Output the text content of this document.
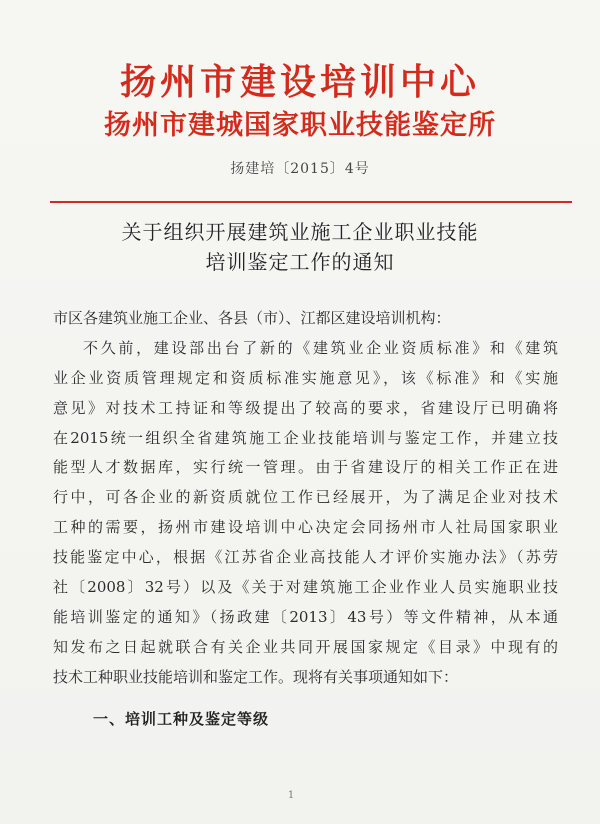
扬州市建设培训中心
扬州市建城国家职业技能鉴定所
扬建培〔2015〕4号
关于组织开展建筑业施工企业职业技能
培训鉴定工作的通知
市区各建筑业施工企业、各县（市）、江都区建设培训机构：
不久前，建设部出台了新的《建筑业企业资质标准》和《建筑
业企业资质管理规定和资质标准实施意见》，该《标准》和《实施
意见》对技术工持证和等级提出了较高的要求，省建设厅已明确将
在2015统一组织全省建筑施工企业技能培训与鉴定工作，并建立技
能型人才数据库，实行统一管理。由于省建设厅的相关工作正在进
行中，可各企业的新资质就位工作已经展开，为了满足企业对技术
工种的需要，扬州市建设培训中心决定会同扬州市人社局国家职业
技能鉴定中心，根据《江苏省企业高技能人才评价实施办法》（苏劳
社〔2008〕32号）以及《关于对建筑施工企业作业人员实施职业技
能培训鉴定的通知》（扬政建〔2013〕43号）等文件精神，从本通
知发布之日起就联合有关企业共同开展国家规定《目录》中现有的
技术工种职业技能培训和鉴定工作。现将有关事项通知如下：
一、培训工种及鉴定等级
1
